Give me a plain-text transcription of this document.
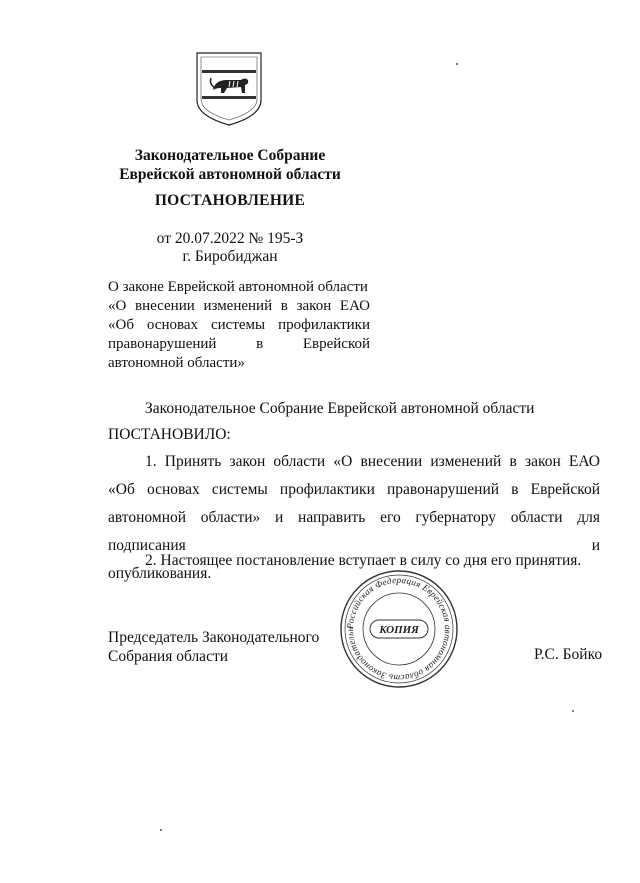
Законодательное Собрание
Еврейской автономной области
ПОСТАНОВЛЕНИЕ
от 20.07.2022 № 195-З
г. Биробиджан
О законе Еврейской автономной области
«О внесении изменений в закон ЕАО
«Об основах системы профилактики
правонарушений в Еврейской
автономной области»
Законодательное Собрание Еврейской автономной области
ПОСТАНОВИЛО:
1. Принять закон области «О внесении изменений в закон ЕАО
«Об основах системы профилактики правонарушений в Еврейской
автономной области» и направить его губернатору области для подписания и
опубликования.
2. Настоящее постановление вступает в силу со дня его принятия.
Российская Федерация Еврейская автономная область Законодательн	КОПИЯ
Председатель Законодательного
Собрания области	Р.С. Бойко
